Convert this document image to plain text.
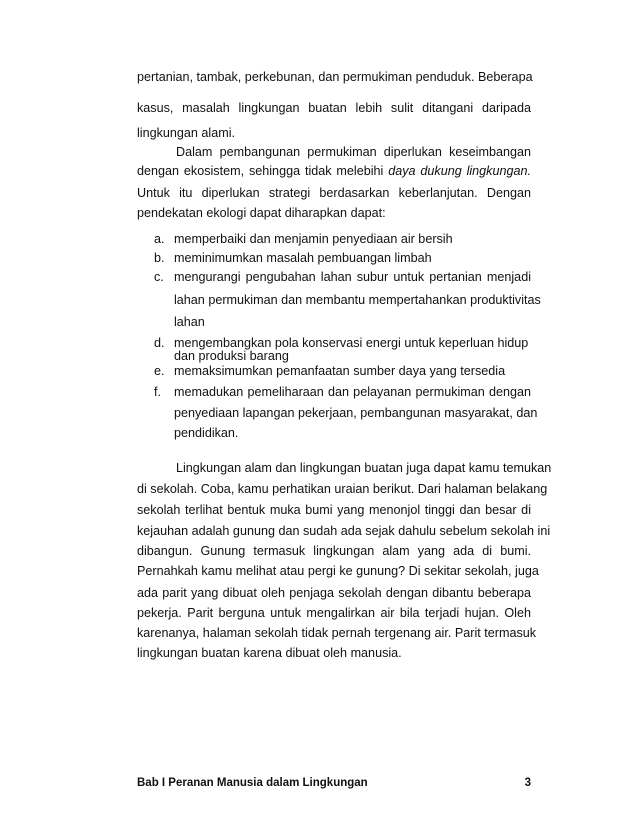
pertanian, tambak, perkebunan, dan permukiman penduduk. Beberapa
kasus, masalah lingkungan buatan lebih sulit ditangani daripada
lingkungan alami.
Dalam pembangunan permukiman diperlukan keseimbangan
dengan ekosistem, sehingga tidak melebihi daya dukung lingkungan.
Untuk itu diperlukan strategi berdasarkan keberlanjutan. Dengan
pendekatan ekologi dapat diharapkan dapat:
a. memperbaiki dan menjamin penyediaan air bersih
b. meminimumkan masalah pembuangan limbah
c. mengurangi pengubahan lahan subur untuk pertanian menjadi
lahan permukiman dan membantu mempertahankan produktivitas
lahan
d. mengembangkan pola konservasi energi untuk keperluan hidup
dan produksi barang
e. memaksimumkan pemanfaatan sumber daya yang tersedia
f.	memadukan pemeliharaan dan pelayanan permukiman dengan
penyediaan lapangan pekerjaan, pembangunan masyarakat, dan
pendidikan.
Lingkungan alam dan lingkungan buatan juga dapat kamu temukan
di sekolah. Coba, kamu perhatikan uraian berikut. Dari halaman belakang
sekolah terlihat bentuk muka bumi yang menonjol tinggi dan besar di
kejauhan adalah gunung dan sudah ada sejak dahulu sebelum sekolah ini
dibangun. Gunung termasuk lingkungan alam yang ada di bumi.
Pernahkah kamu melihat atau pergi ke gunung? Di sekitar sekolah, juga
ada parit yang dibuat oleh penjaga sekolah dengan dibantu beberapa
pekerja. Parit berguna untuk mengalirkan air bila terjadi hujan. Oleh
karenanya, halaman sekolah tidak pernah tergenang air. Parit termasuk
lingkungan buatan karena dibuat oleh manusia.
Bab I Peranan Manusia dalam Lingkungan	3
